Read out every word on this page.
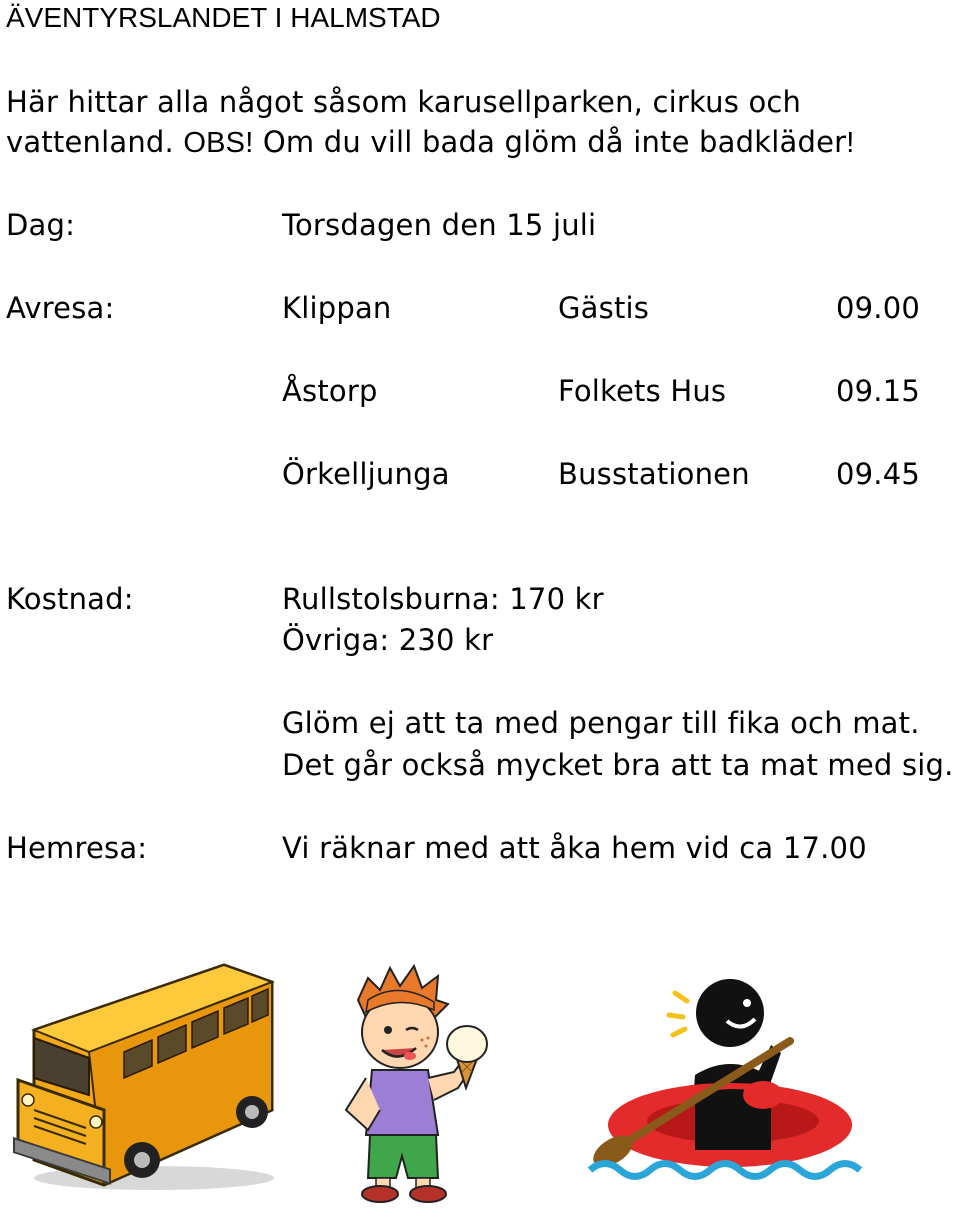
ÄVENTYRSLANDET I HALMSTAD
Här hittar alla något såsom karusellparken, cirkus och
vattenland. OBS! Om du vill bada glöm då inte badkläder!
Dag:	Torsdagen den 15 juli
Avresa:	Klippan	Gästis	09.00
Åstorp	Folkets Hus	09.15
Örkelljunga	Busstationen	09.45
Kostnad:	Rullstolsburna: 170 kr
Övriga: 230 kr
Glöm ej att ta med pengar till fika och mat.
Det går också mycket bra att ta mat med sig.
Hemresa:	Vi räknar med att åka hem vid ca 17.00
